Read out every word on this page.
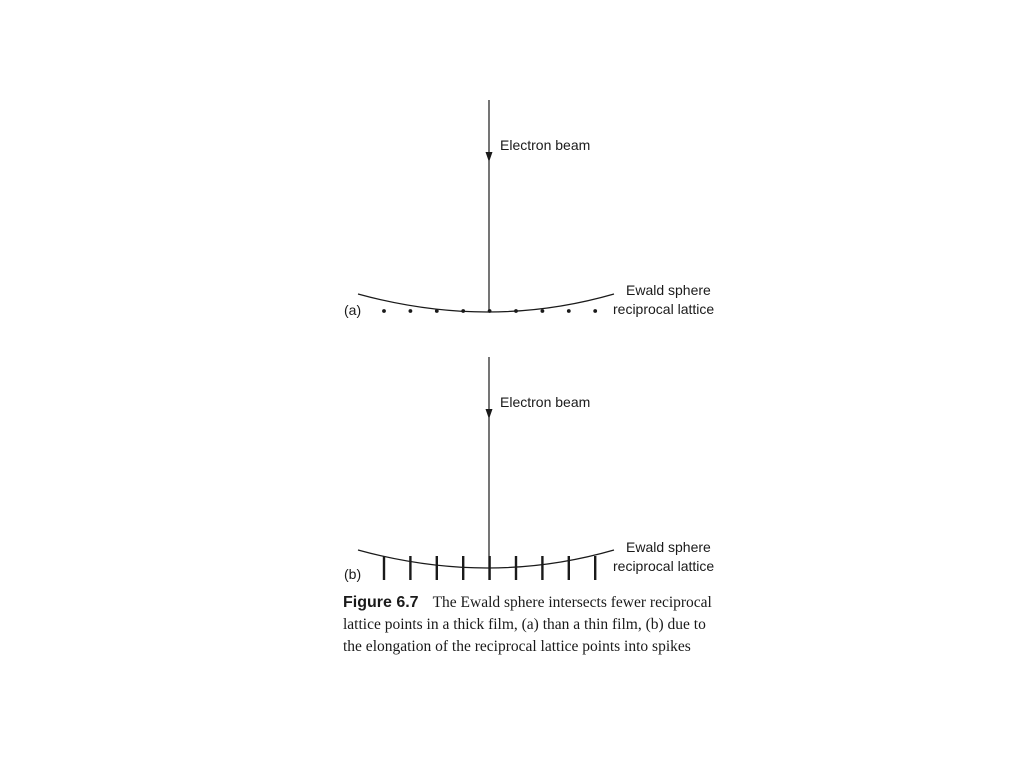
Electron beam
(a)
Ewald sphere
reciprocal lattice
Electron beam
(b)
Ewald sphere
reciprocal lattice
Figure 6.7 The Ewald sphere intersects fewer reciprocal lattice points in a thick film, (a) than a thin film, (b) due to the elongation of the reciprocal lattice points into spikes
